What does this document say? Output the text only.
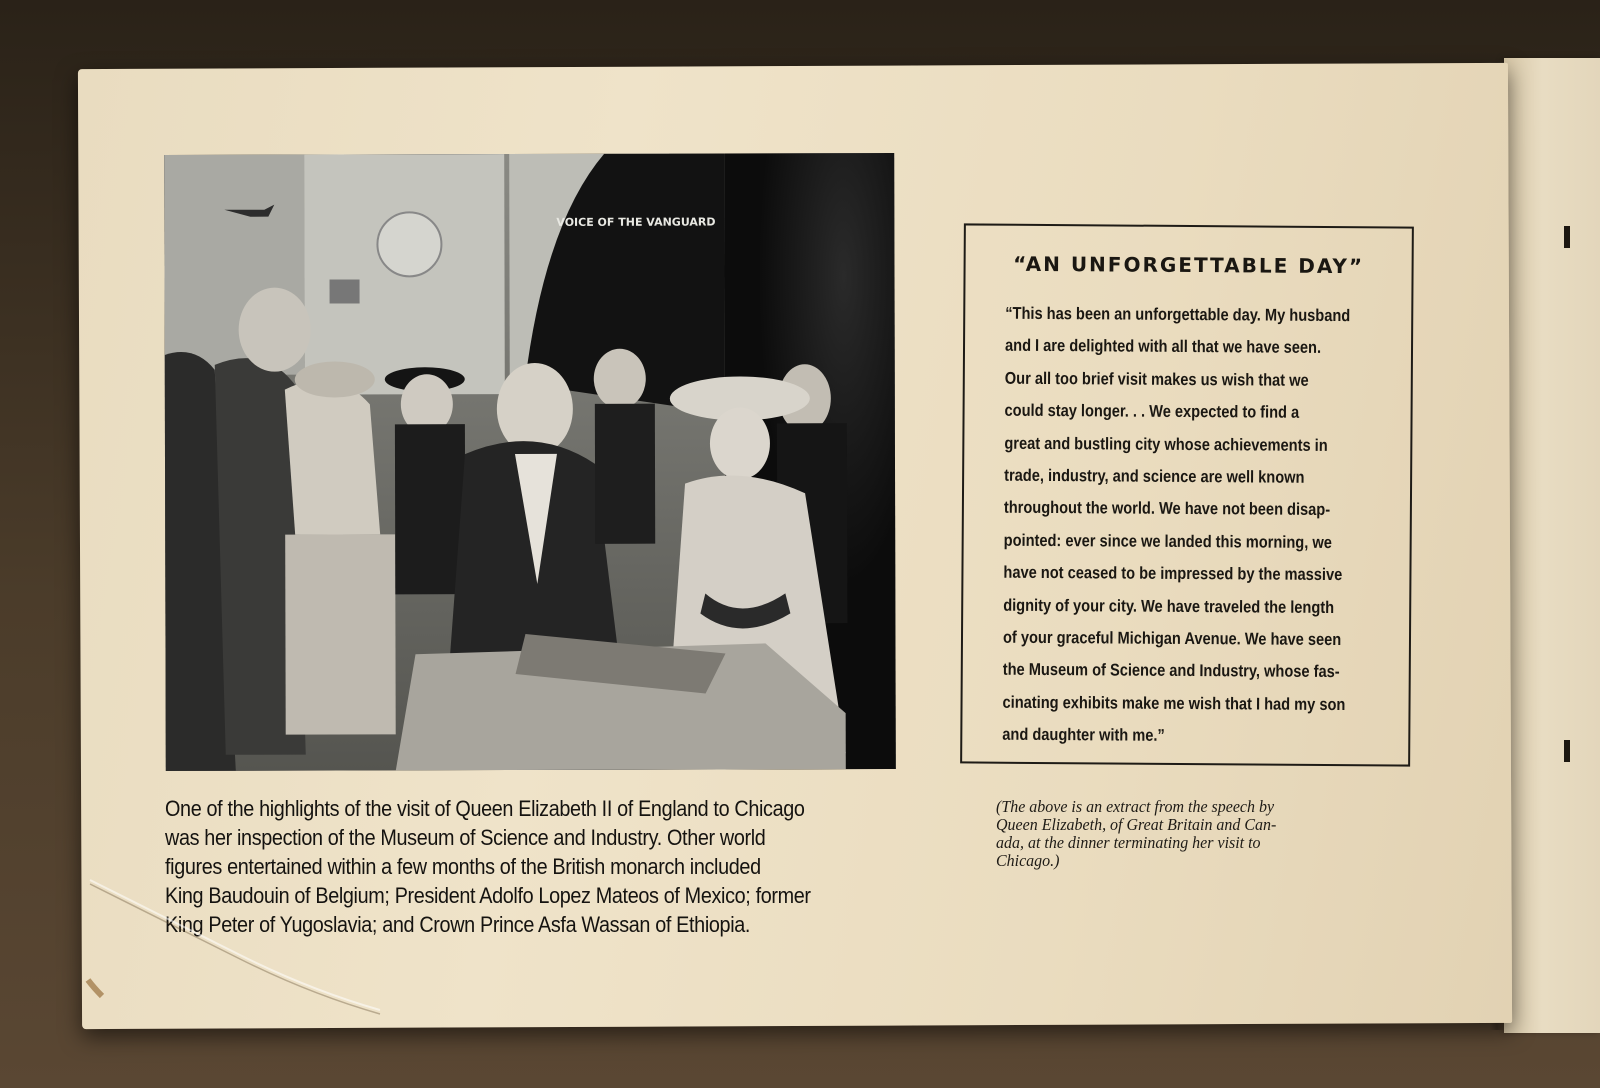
VOICE OF THE VANGUARD
One of the highlights of the visit of Queen Elizabeth II of England to Chicago
was her inspection of the Museum of Science and Industry. Other world
figures entertained within a few months of the British monarch included
King Baudouin of Belgium; President Adolfo Lopez Mateos of Mexico; former
King Peter of Yugoslavia; and Crown Prince Asfa Wassan of Ethiopia.
“AN UNFORGETTABLE DAY”
“This has been an unforgettable day. My husband
and I are delighted with all that we have seen.
Our all too brief visit makes us wish that we
could stay longer. . . We expected to find a
great and bustling city whose achievements in
trade, industry, and science are well known
throughout the world. We have not been disap-
pointed: ever since we landed this morning, we
have not ceased to be impressed by the massive
dignity of your city. We have traveled the length
of your graceful Michigan Avenue. We have seen
the Museum of Science and Industry, whose fas-
cinating exhibits make me wish that I had my son
and daughter with me.”
(The above is an extract from the speech by
Queen Elizabeth, of Great Britain and Can-
ada, at the dinner terminating her visit to
Chicago.)
